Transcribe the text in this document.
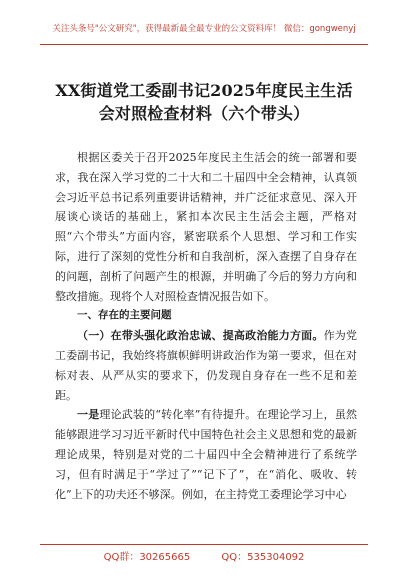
关注头条号"公文研究"，获得最新最全最专业的公文资料库！ 微信：gongwenyj
XX街道党工委副书记2025年度民主生活
会对照检查材料（六个带头）

根据区委关于召开2025年度民主生活会的统一部署和要求，我在深入学习党的二十大和二十届四中全会精神，认真领会习近平总书记系列重要讲话精神，并广泛征求意见、深入开展谈心谈话的基础上，紧扣本次民主生活会主题，严格对照“六个带头”方面内容，紧密联系个人思想、学习和工作实际，进行了深刻的党性分析和自我剖析，深入查摆了自身存在的问题，剖析了问题产生的根源，并明确了今后的努力方向和整改措施。现将个人对照检查情况报告如下。

一、存在的主要问题

（一）在带头强化政治忠诚、提高政治能力方面。作为党工委副书记，我始终将旗帜鲜明讲政治作为第一要求，但在对标对表、从严从实的要求下，仍发现自身存在一些不足和差距。

一是理论武装的“转化率”有待提升。在理论学习上，虽然能够跟进学习习近平新时代中国特色社会主义思想和党的最新理论成果，特别是对党的二十届四中全会精神进行了系统学习，但有时满足于“学过了”“记下了”，在“消化、吸收、转化”上下的功夫还不够深。例如，在主持党工委理论学习中心

QQ群：30265665	QQ：535304092
